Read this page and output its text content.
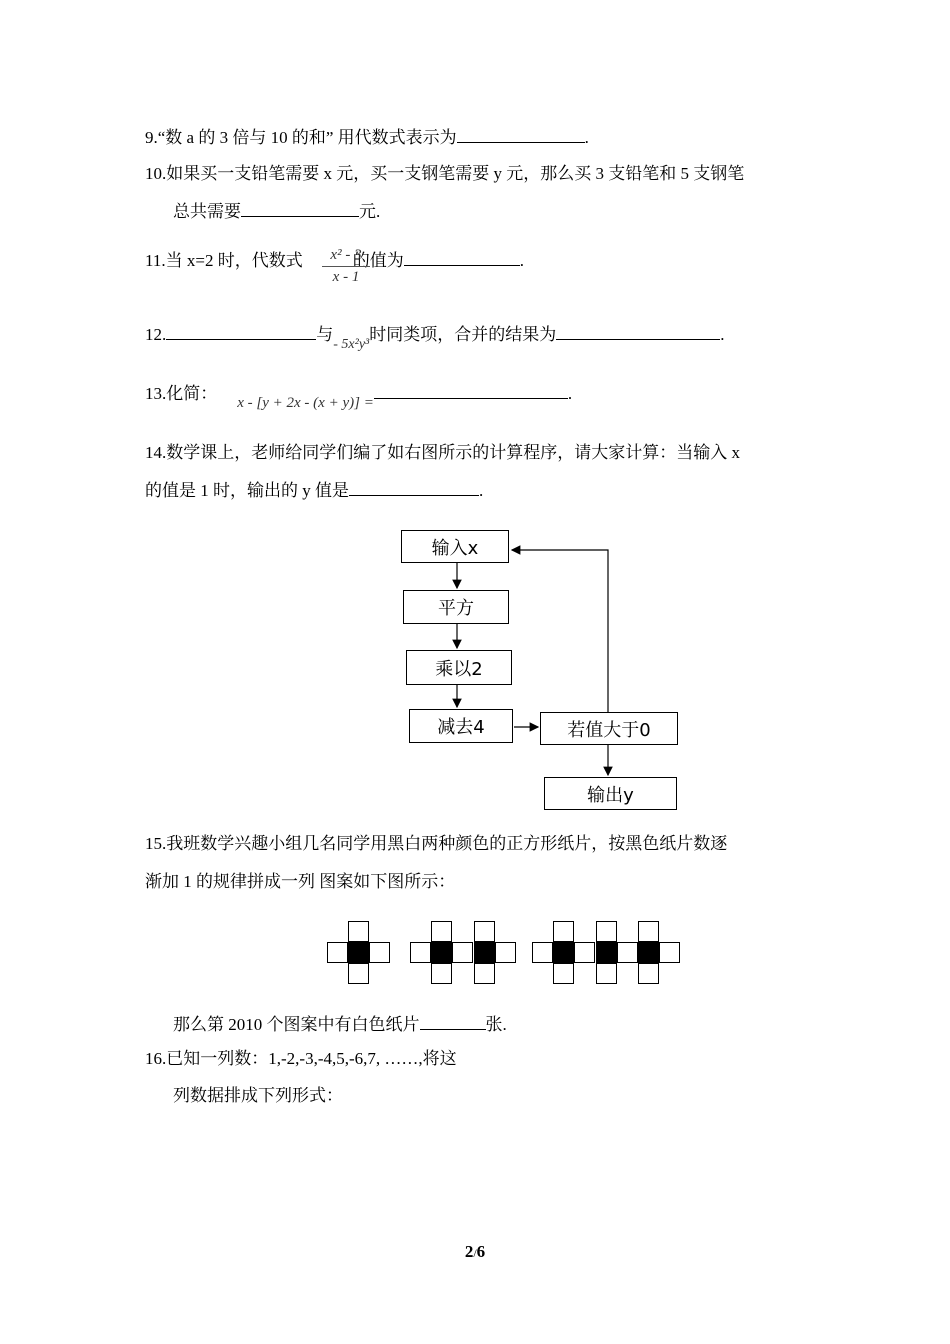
9.“数 a 的 3 倍与 10 的和” 用代数式表示为	.
10.如果买一支铅笔需要 x 元，买一支钢笔需要 y 元，那么买 3 支铅笔和 5 支钢笔
总共需要	元.
11.当 x=2 时，代数式	的值为	.
x² - 3
x - 1
12.	与$_{- 5x^2y^3}$时同类项，合并的结果为	.
13.化简： x - [y + 2x - (x + y)] =	.
14.数学课上，老师给同学们编了如右图所示的计算程序，请大家计算：当输入 x
的值是 1 时，输出的 y 值是	.
输入x
平方
乘以2
减去4	若值大于0
输出y
15.我班数学兴趣小组几名同学用黑白两种颜色的正方形纸片，按黑色纸片数逐
渐加 1 的规律拼成一列 图案如下图所示：
那么第 2010 个图案中有白色纸片	张.
16.已知一列数：1,-2,-3,-4,5,-6,7, ……,将这
列数据排成下列形式：
2/6
